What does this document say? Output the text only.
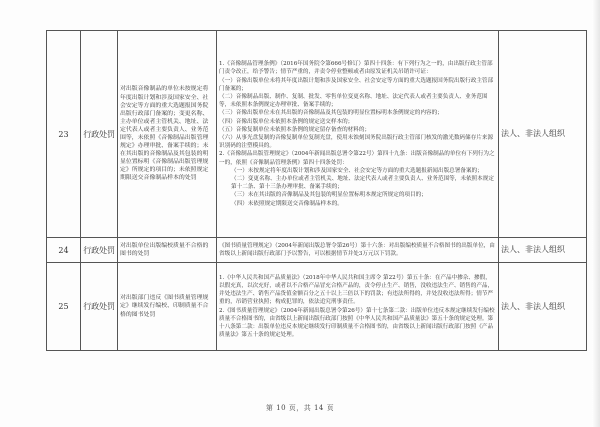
23	行政处罚	对出版音像制品的单位未按规定将年度出版计划和涉及国家安全、社会安定等方面的重大选题报国务院出版行政部门备案的；变更名称、主办单位或者主管机关、地址、法定代表人或者主要负责人、业务范围等，未依照《音像制品出版管理规定》办理审批、备案手续的；未在其出版的音像制品及其包装的明显位置标明《音像制品出版管理规定》所规定的项目的；未依照规定期限送交音像制品样本的处罚	
1.《音像制品管理条例》（2016年国务院令第666号修订）第四十四条：有下列行为之一的，由出版行政主管部门责令改正，给予警告；情节严重的，并责令停业整顿或者由原发证机关吊销许可证：
（一）音像出版单位未将其年度出版计划和涉及国家安全、社会安定等方面的重大选题报国务院出版行政主管部门备案的；
（二）音像制品出版、制作、复制、批发、零售单位变更名称、地址、法定代表人或者主要负责人、业务范围等，未依照本条例规定办理审批、备案手续的；
（三）音像出版单位未在其出版的音像制品及其包装的明显位置标明本条例规定的内容的；
（四）音像出版单位未依照本条例的规定送交样本的；
（五）音像复制单位未依照本条例的规定留存备查的材料的；
（六）从事光盘复制的音像复制单位复制光盘，使用未蚀刻国务院出版行政主管部门核发的激光数码储存片来源识别码的注塑模具的。
2.《音像制品出版管理规定》（2004年新闻出版总署令第22号）第四十九条：出版音像制品的单位有下列行为之一的，依照《音像制品管理条例》第四十四条处罚：
（一）未按规定将年度出版计划和涉及国家安全、社会安定等方面的重大选题报新闻出版总署备案的；
（二）变更名称、主办单位或者主管机关、地址、法定代表人或者主要负责人、业务范围等，未依照本规定第十二条、第十三条办理审批、备案手续的；
（三）未在其出版的音像制品及其包装的明显位置标明本规定所规定的项目的；
（四）未依照规定期限送交音像制品样本的。
	法人、非法人组织
24	行政处罚	对出版单位出版编校质量不合格的图书的处罚	《图书质量管理规定》（2004年新闻出版总署令第26号）第十六条：对出版编校质量不合格图书的出版单位，由省级以上新闻出版行政部门予以警告，可以根据情节并处3万元以下罚款。	法人、非法人组织
25	行政处罚	对出版部门违反《图书质量管理规定》继续发行编校、印制质量不合格的图书处罚	1.《中华人民共和国产品质量法》（2018年中华人民共和国主席令 第22号）第五十条：在产品中掺杂、掺假，以假充真，以次充好，或者以不合格产品冒充合格产品的，责令停止生产、销售，没收违法生产、销售的产品，并处违法生产、销售产品货值金额百分之五十以上三倍以下的罚款；有违法所得的，并处没收违法所得；情节严重的，吊销营业执照；构成犯罪的，依法追究刑事责任。
2.《图书质量管理规定》（2004年新闻出版总署令第26号）第十七条第二款：出版单位违反本规定继续发行编校质量不合格图书的，由省级以上新闻出版行政部门按照《中华人民共和国产品质量法》第五十条的规定处理。第十八条第二款：出版单位违反本规定继续发行印制质量不合格图书的，由省级以上新闻出版行政部门按照《产品质量法》第五十条的规定处理。	法人、非法人组织
第 10 页，共 14 页
